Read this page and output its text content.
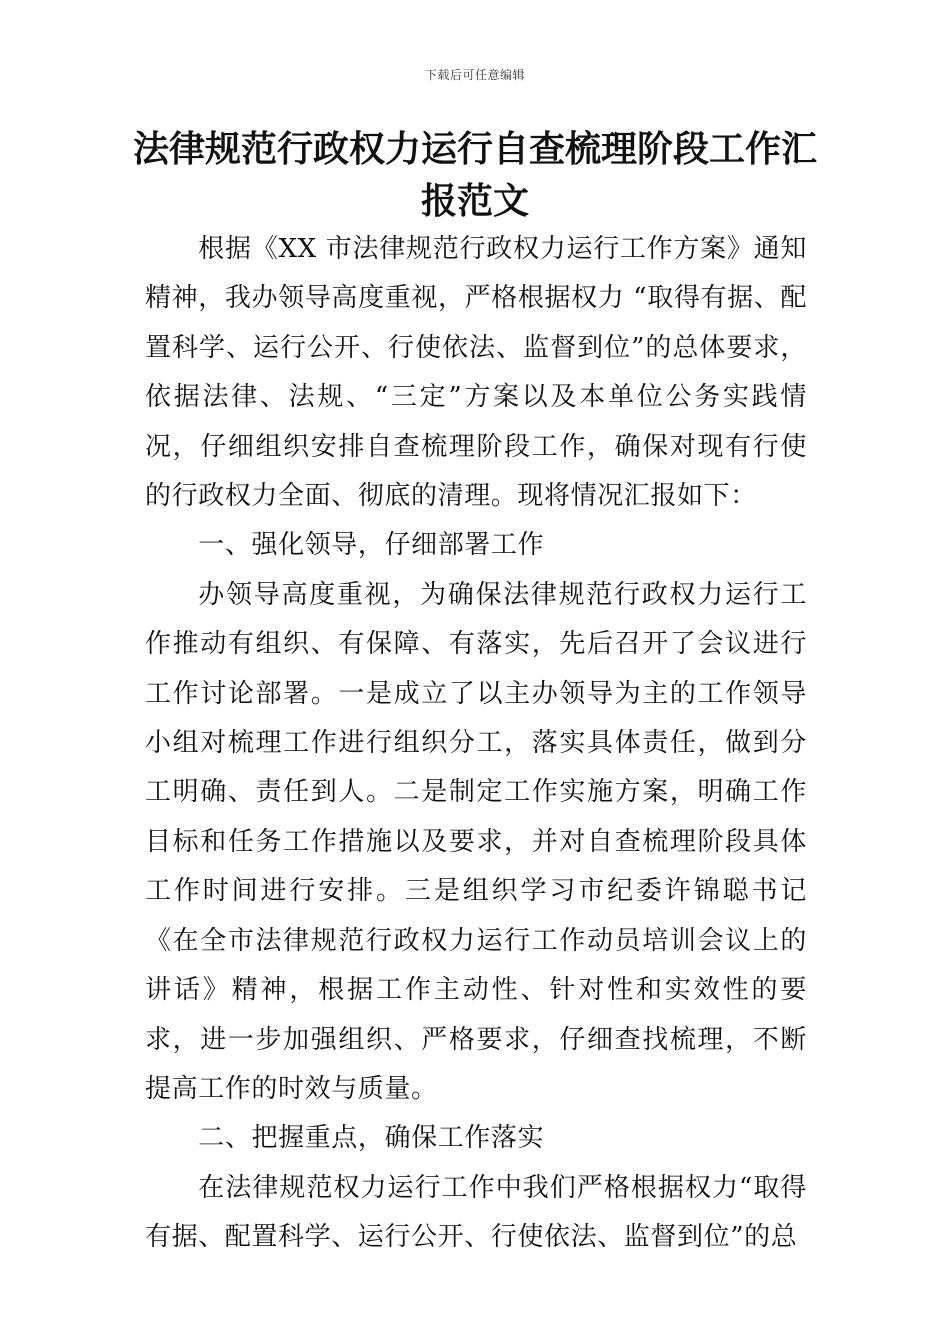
下载后可任意编辑
法律规范行政权力运行自查梳理阶段工作汇报范文

根据《XX 市法律规范行政权力运行工作方案》通知精神，我办领导高度重视，严格根据权力 “取得有据、配置科学、运行公开、行使依法、监督到位”的总体要求，依据法律、法规、“三定”方案以及本单位公务实践情况，仔细组织安排自查梳理阶段工作，确保对现有行使的行政权力全面、彻底的清理。现将情况汇报如下：

一、强化领导，仔细部署工作

办领导高度重视，为确保法律规范行政权力运行工作推动有组织、有保障、有落实，先后召开了会议进行工作讨论部署。一是成立了以主办领导为主的工作领导小组对梳理工作进行组织分工，落实具体责任，做到分工明确、责任到人。二是制定工作实施方案，明确工作目标和任务工作措施以及要求，并对自查梳理阶段具体工作时间进行安排。三是组织学习市纪委许锦聪书记《在全市法律规范行政权力运行工作动员培训会议上的讲话》精神，根据工作主动性、针对性和实效性的要求，进一步加强组织、严格要求，仔细查找梳理，不断提高工作的时效与质量。

二、把握重点，确保工作落实

在法律规范权力运行工作中我们严格根据权力“取得有据、配置科学、运行公开、行使依法、监督到位”的总
